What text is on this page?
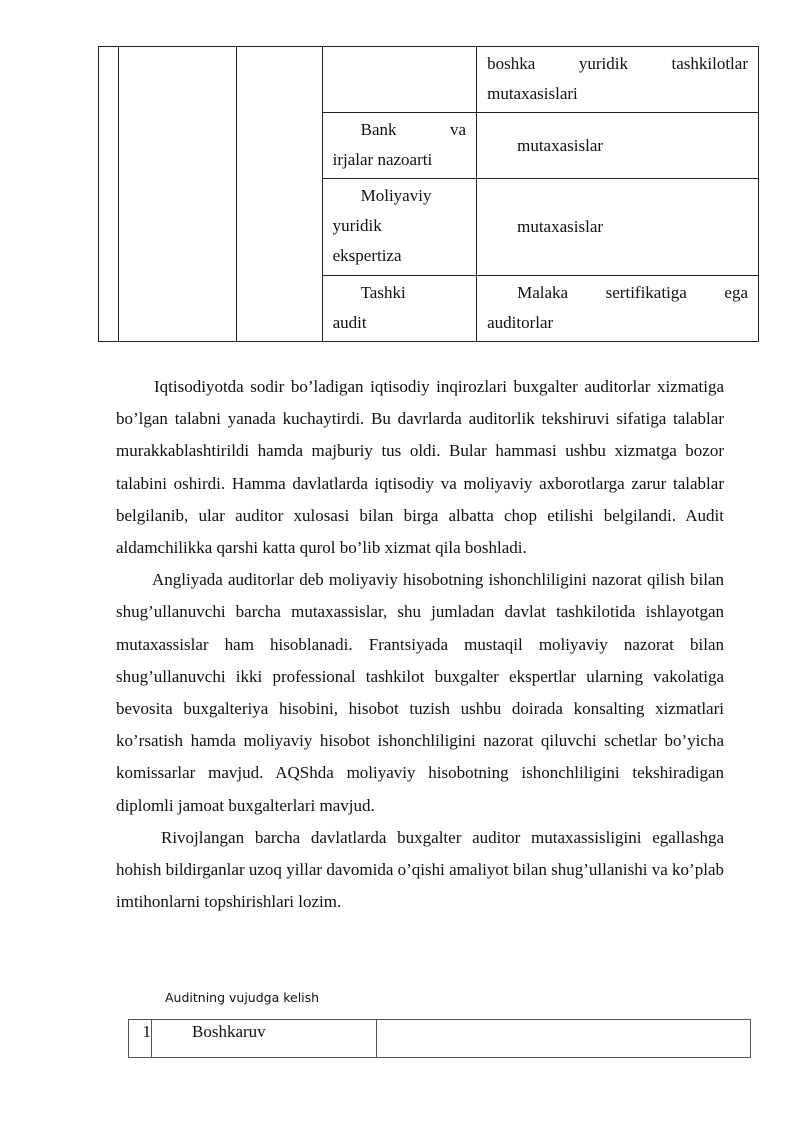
				boshka yuridik tashkilotlar mutaxasislari

			Bank va
irjalar nazoarti	mutaxasislar

			Moliyaviy
yuridik
ekspertiza	mutaxasislar

			Tashki
audit	Malaka sertifikatiga ega auditorlar

Iqtisodiyotda sodir bo’ladigan iqtisodiy inqirozlari buxgalter auditorlar xizmatiga bo’lgan talabni yanada kuchaytirdi. Bu davrlarda auditorlik tekshiruvi sifatiga talablar murakkablashtirildi hamda majburiy tus oldi. Bular hammasi ushbu xizmatga bozor talabini oshirdi. Hamma davlatlarda iqtisodiy va moliyaviy axborotlarga zarur talablar belgilanib, ular auditor xulosasi bilan birga albatta chop etilishi belgilandi. Audit aldamchilikka qarshi katta qurol bo’lib xizmat qila boshladi.

Angliyada auditorlar deb moliyaviy hisobotning ishonchliligini nazorat qilish bilan shug’ullanuvchi barcha mutaxassislar, shu jumladan davlat tashkilotida ishlayotgan mutaxassislar ham hisoblanadi. Frantsiyada mustaqil moliyaviy nazorat bilan shug’ullanuvchi ikki professional tashkilot buxgalter ekspertlar ularning vakolatiga bevosita buxgalteriya hisobini, hisobot tuzish ushbu doirada konsalting xizmatlari ko’rsatish hamda moliyaviy hisobot ishonchliligini nazorat qiluvchi schetlar bo’yicha komissarlar mavjud. AQShda moliyaviy hisobotning ishonchliligini tekshiradigan diplomli jamoat buxgalterlari mavjud.

Rivojlangan barcha davlatlarda buxgalter auditor mutaxassisligini egallashga hohish bildirganlar uzoq yillar davomida o’qishi amaliyot bilan shug’ullanishi va ko’plab imtihonlarni topshirishlari lozim.

Auditning vujudga kelish
1	Boshkaruv	
